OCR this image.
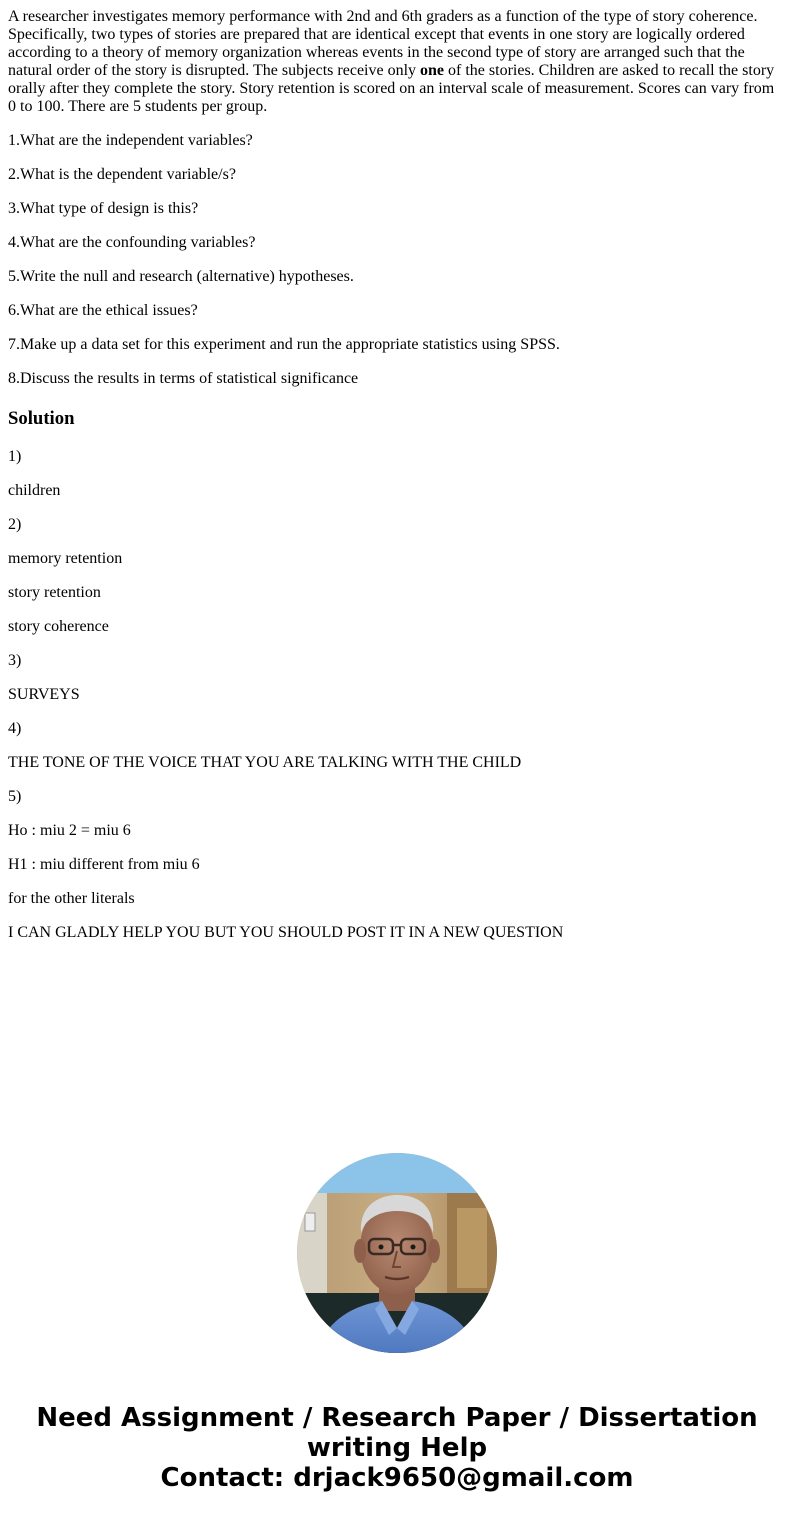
A researcher investigates memory performance with 2nd and 6th graders as a function of the type of story coherence. Specifically, two types of stories are prepared that are identical except that events in one story are logically ordered according to a theory of memory organization whereas events in the second type of story are arranged such that the natural order of the story is disrupted. The subjects receive only one of the stories. Children are asked to recall the story orally after they complete the story. Story retention is scored on an interval scale of measurement. Scores can vary from 0 to 100. There are 5 students per group.

1.What are the independent variables?

2.What is the dependent variable/s?

3.What type of design is this?

4.What are the confounding variables?

5.Write the null and research (alternative) hypotheses.

6.What are the ethical issues?

7.Make up a data set for this experiment and run the appropriate statistics using SPSS.

8.Discuss the results in terms of statistical significance

Solution

1)

children

2)

memory retention

story retention

story coherence

3)

SURVEYS

4)

THE TONE OF THE VOICE THAT YOU ARE TALKING WITH THE CHILD

5)

Ho : miu 2 = miu 6

H1 : miu different from miu 6

for the other literals

I CAN GLADLY HELP YOU BUT YOU SHOULD POST IT IN A NEW QUESTION

Need Assignment / Research Paper / Dissertation
writing Help
Contact: drjack9650@gmail.com
